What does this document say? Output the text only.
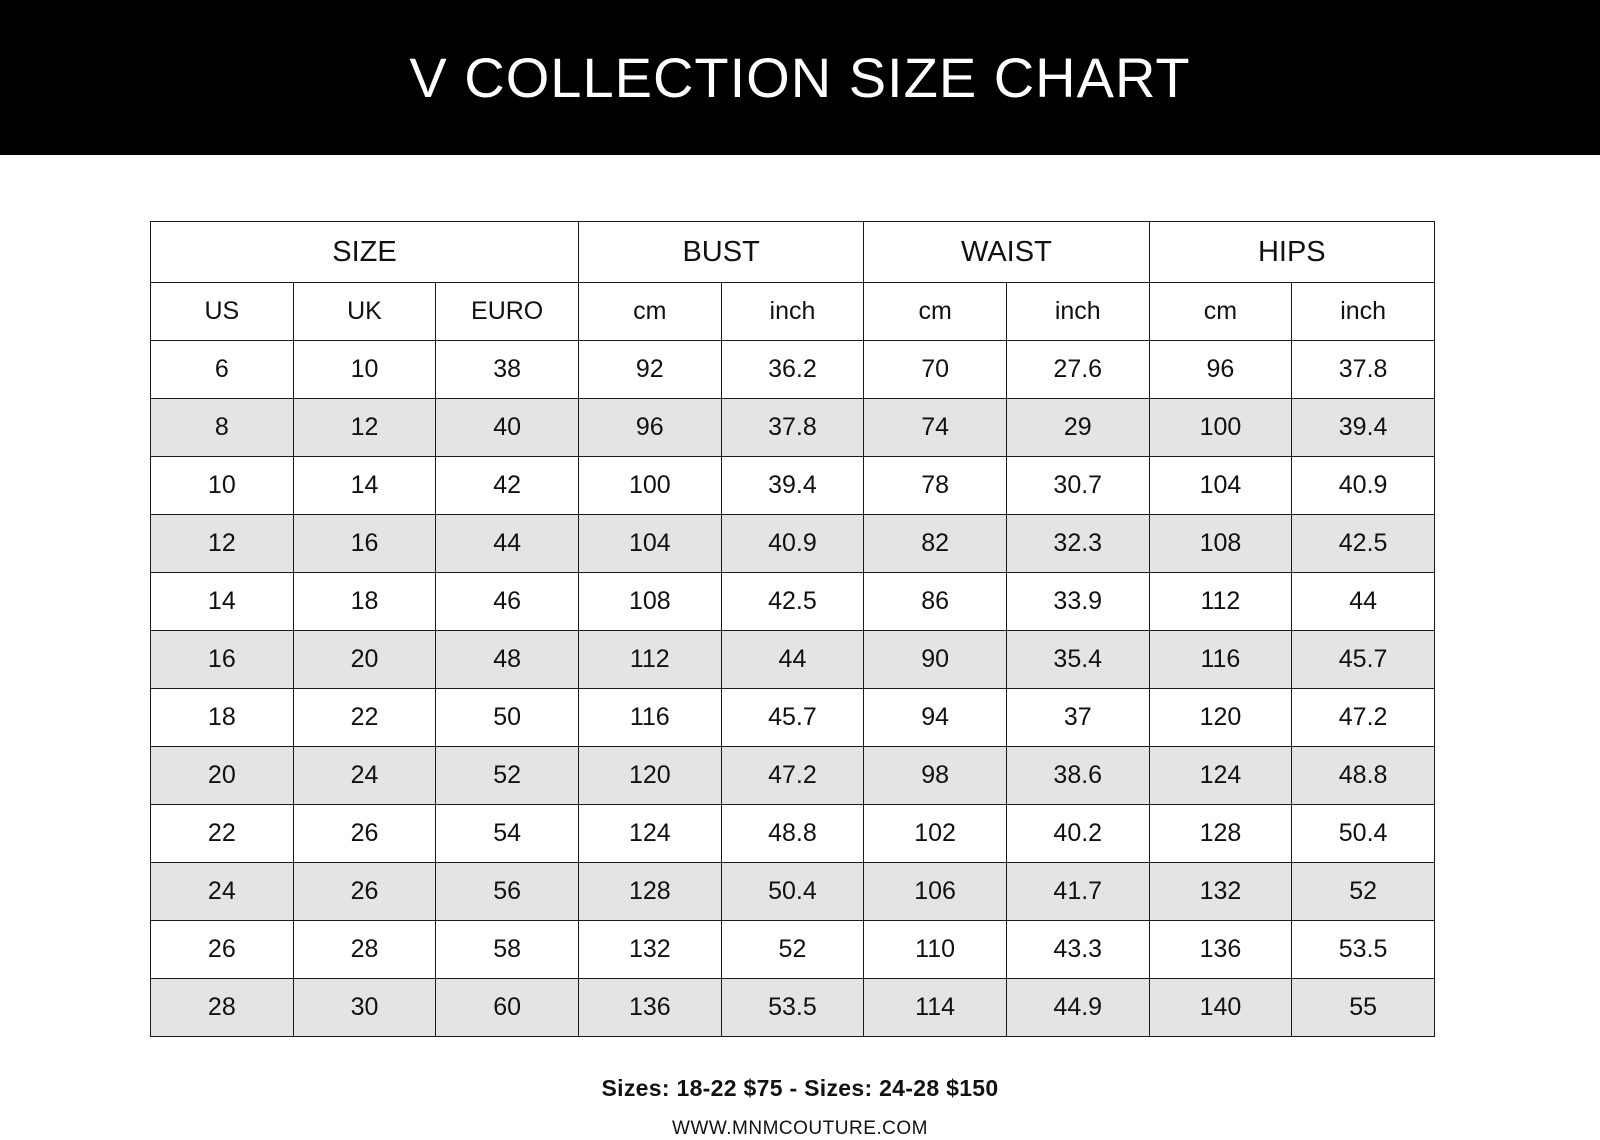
V COLLECTION SIZE CHART
SIZE			BUST		WAIST		HIPS	
US	UK	EURO	cm	inch	cm	inch	cm	inch
6	10	38	92	36.2	70	27.6	96	37.8
8	12	40	96	37.8	74	29	100	39.4
10	14	42	100	39.4	78	30.7	104	40.9
12	16	44	104	40.9	82	32.3	108	42.5
14	18	46	108	42.5	86	33.9	112	44
16	20	48	112	44	90	35.4	116	45.7
18	22	50	116	45.7	94	37	120	47.2
20	24	52	120	47.2	98	38.6	124	48.8
22	26	54	124	48.8	102	40.2	128	50.4
24	26	56	128	50.4	106	41.7	132	52
26	28	58	132	52	110	43.3	136	53.5
28	30	60	136	53.5	114	44.9	140	55
Sizes: 18-22 $75 - Sizes: 24-28 $150
WWW.MNMCOUTURE.COM
